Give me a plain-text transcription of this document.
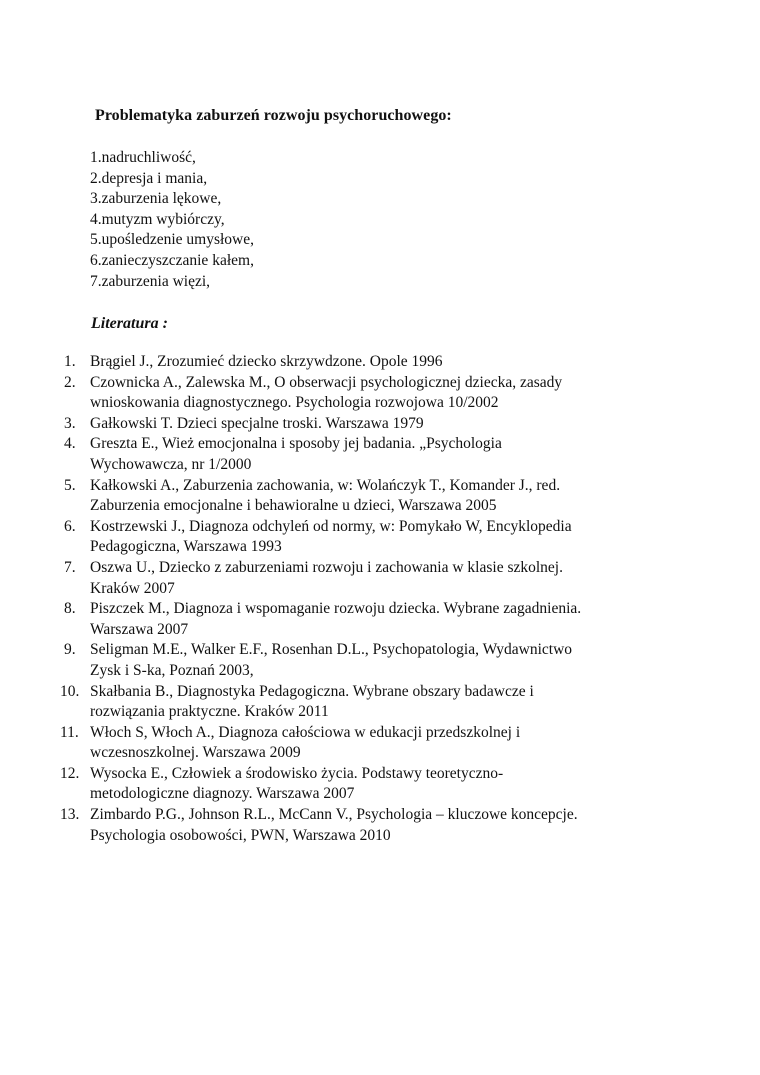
Problematyka zaburzeń rozwoju psychoruchowego:
1.nadruchliwość,
2.depresja i mania,
3.zaburzenia lękowe,
4.mutyzm wybiórczy,
5.upośledzenie umysłowe,
6.zanieczyszczanie kałem,
7.zaburzenia więzi,
Literatura :
1. Brągiel J., Zrozumieć dziecko skrzywdzone. Opole 1996
2. Czownicka A., Zalewska M., O obserwacji psychologicznej dziecka, zasady
wnioskowania diagnostycznego. Psychologia rozwojowa 10/2002
3. Gałkowski T. Dzieci specjalne troski. Warszawa 1979
4. Greszta E., Wież emocjonalna i sposoby jej badania. „Psychologia
Wychowawcza, nr 1/2000
5. Kałkowski A., Zaburzenia zachowania, w: Wolańczyk T., Komander J., red.
Zaburzenia emocjonalne i behawioralne u dzieci, Warszawa 2005
6. Kostrzewski J., Diagnoza odchyleń od normy, w: Pomykało W, Encyklopedia
Pedagogiczna, Warszawa 1993
7. Oszwa U., Dziecko z zaburzeniami rozwoju i zachowania w klasie szkolnej.
Kraków 2007
8. Piszczek M., Diagnoza i wspomaganie rozwoju dziecka. Wybrane zagadnienia.
Warszawa 2007
9. Seligman M.E., Walker E.F., Rosenhan D.L., Psychopatologia, Wydawnictwo
Zysk i S-ka, Poznań 2003,
10. Skałbania B., Diagnostyka Pedagogiczna. Wybrane obszary badawcze i
rozwiązania praktyczne. Kraków 2011
11. Włoch S, Włoch A., Diagnoza całościowa w edukacji przedszkolnej i
wczesnoszkolnej. Warszawa 2009
12. Wysocka E., Człowiek a środowisko życia. Podstawy teoretyczno-
metodologiczne diagnozy. Warszawa 2007
13. Zimbardo P.G., Johnson R.L., McCann V., Psychologia – kluczowe koncepcje.
Psychologia osobowości, PWN, Warszawa 2010
